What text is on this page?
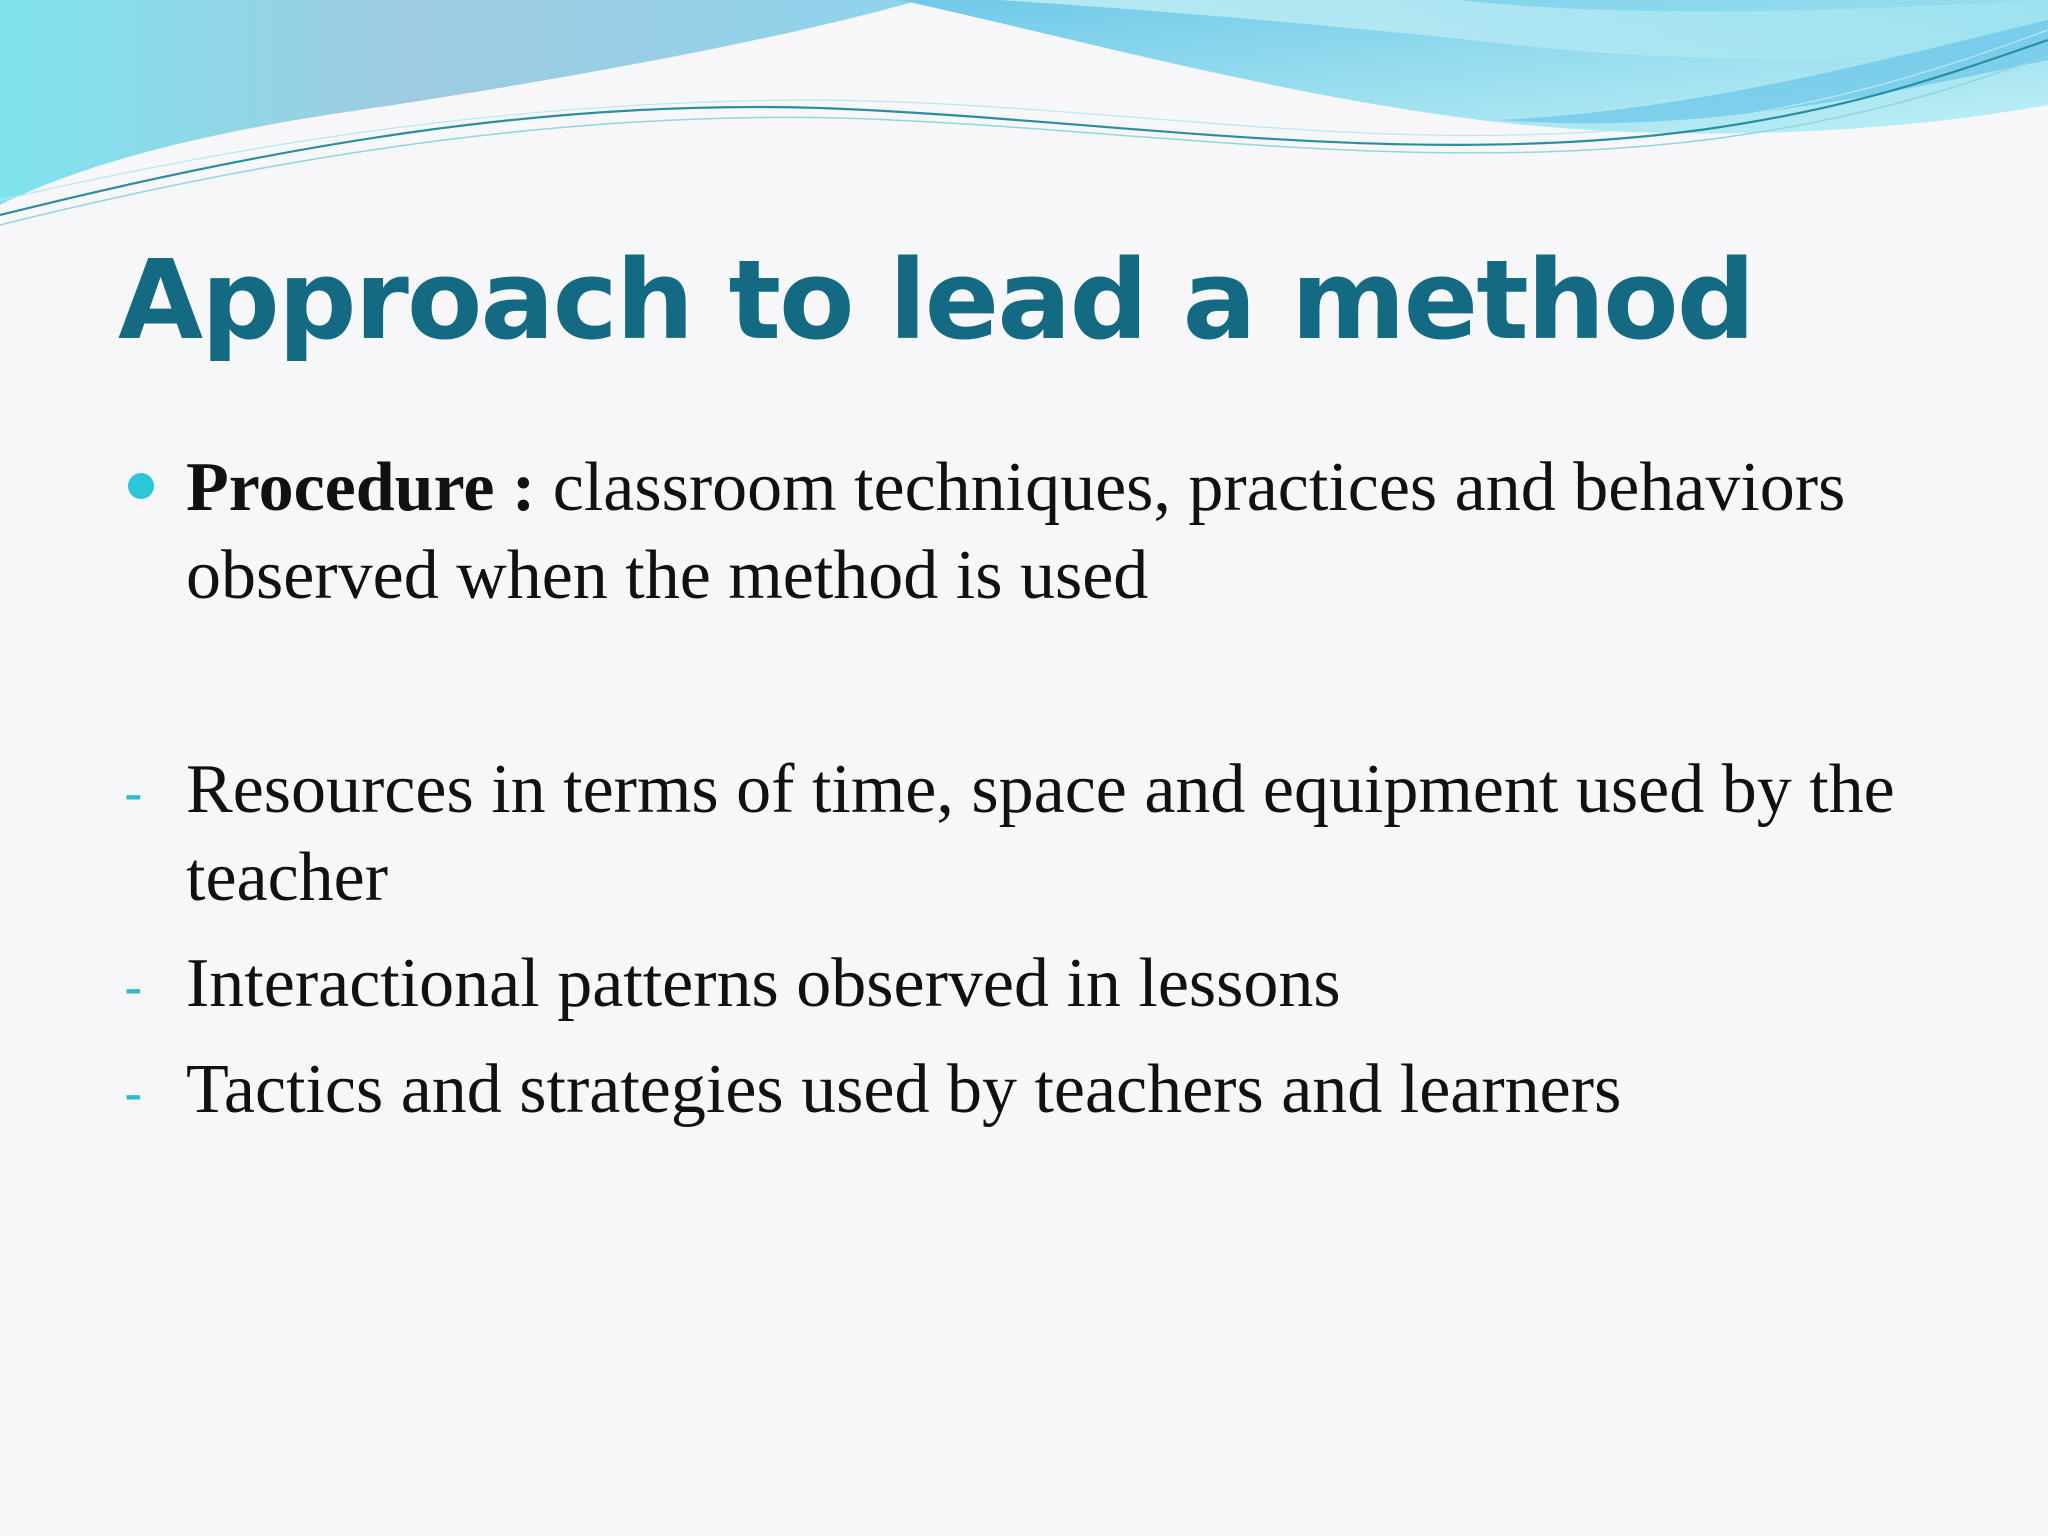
Approach to lead a method

Procedure : classroom techniques, practices and behaviors observed when the method is used

- Resources in terms of time, space and equipment used by the teacher

- Interactional patterns observed in lessons

- Tactics and strategies used by teachers and learners
